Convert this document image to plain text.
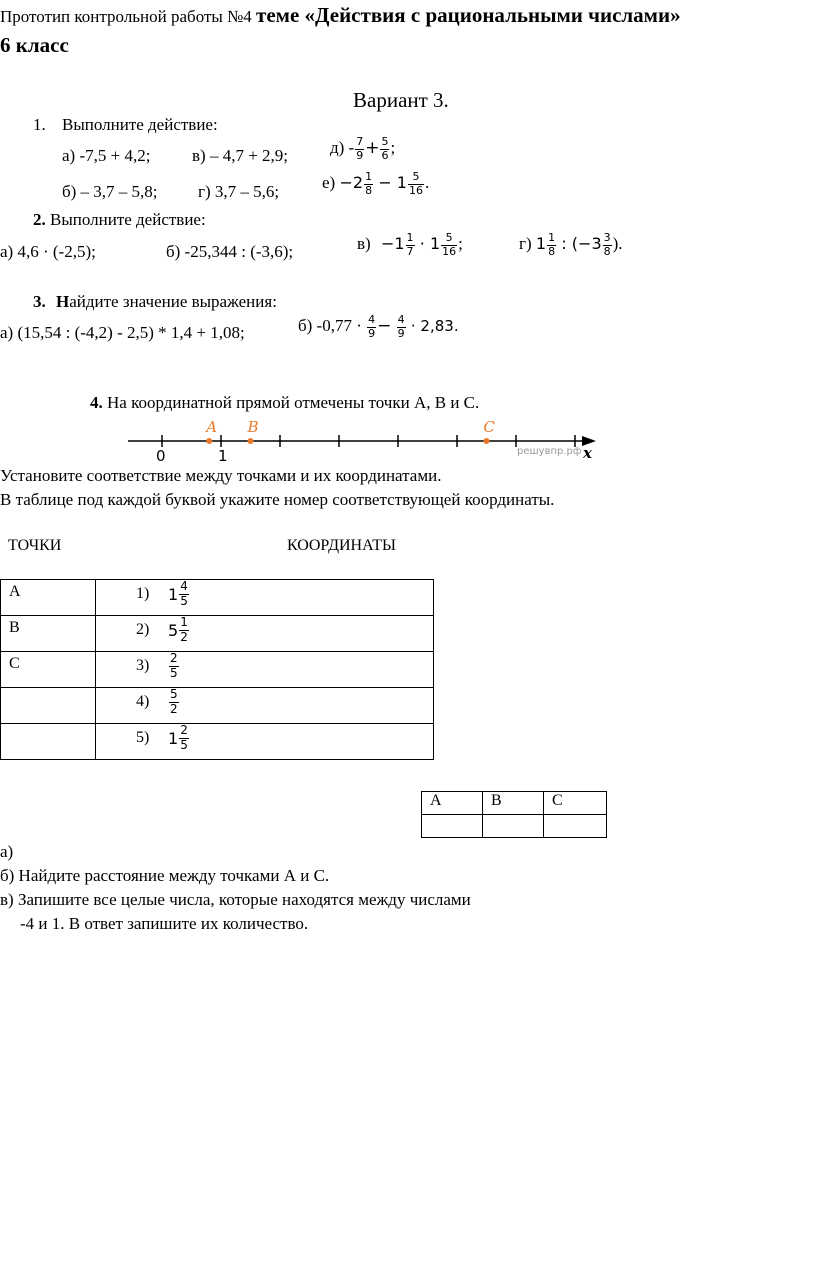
Прототип контрольной работы №4 теме «Действия с рациональными числами»
6 класс
Вариант 3.
1. Выполните действие:
а) -7,5 + 4,2; в) – 4,7 + 2,9; $д) - \frac{7}{9} + \frac{5}{6}$ ;
б) – 3,7 – 5,8; г) 3,7 – 5,6;	$е) -2 \frac{1}{8} - 1 \frac{5}{16}$ .
2. Выполните действие:
а) 4,6 · (-2,5);	б) -25,344 : (-3,6);	$в) -1 \frac{1}{7} \cdot 1 \frac{5}{16}$ ;	г) $1 \frac{1}{8}$ : ($-3 \frac{3}{8}$ ).
3. Найдите значение выражения:
а) (15,54 : (-4,2) - 2,5) * 1,4 + 1,08;	б) $-0,77 \cdot \frac{4}{9} - \frac{4}{9} \cdot 2,83$.
4. На координатной прямой отмечены точки А, В и С.
A B	C
0	1	решувпр.рф x
Установите соответствие между точками и их координатами.
В таблице под каждой буквой укажите номер соответствующей координаты.
ТОЧКИ	КООРДИНАТЫ
А	1) $1 \frac{4}{5}$

В	2) $5 \frac{1}{2}$

С	$3) \frac{2}{5}$

	$4) \frac{5}{2}$

	5) $1 \frac{2}{5}$
А	В	С

а)
б) Найдите расстояние между точками А и С.
в) Запишите все целые числа, которые находятся между числами
-4 и 1. В ответ запишите их количество.
